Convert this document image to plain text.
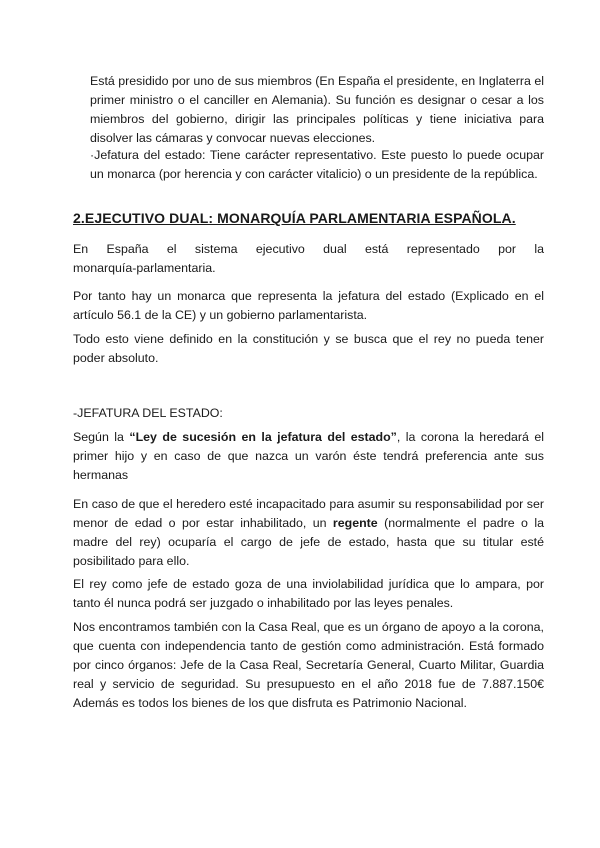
Está presidido por uno de sus miembros (En España el presidente, en Inglaterra el primer ministro o el canciller en Alemania). Su función es designar o cesar a los miembros del gobierno, dirigir las principales políticas y tiene iniciativa para disolver las cámaras y convocar nuevas elecciones.

·Jefatura del estado: Tiene carácter representativo. Este puesto lo puede ocupar un monarca (por herencia y con carácter vitalicio) o un presidente de la república.

2.EJECUTIVO DUAL: MONARQUÍA PARLAMENTARIA ESPAÑOLA.

En España el sistema ejecutivo dual está representado por la

monarquía-parlamentaria.

Por tanto hay un monarca que representa la jefatura del estado (Explicado en el artículo 56.1 de la CE) y un gobierno parlamentarista.

Todo esto viene definido en la constitución y se busca que el rey no pueda tener poder absoluto.

-JEFATURA DEL ESTADO:

Según la “Ley de sucesión en la jefatura del estado”, la corona la heredará el primer hijo y en caso de que nazca un varón éste tendrá preferencia ante sus hermanas

En caso de que el heredero esté incapacitado para asumir su responsabilidad por ser menor de edad o por estar inhabilitado, un regente (normalmente el padre o la madre del rey) ocuparía el cargo de jefe de estado, hasta que su titular esté posibilitado para ello.

El rey como jefe de estado goza de una inviolabilidad jurídica que lo ampara, por tanto él nunca podrá ser juzgado o inhabilitado por las leyes penales.

Nos encontramos también con la Casa Real, que es un órgano de apoyo a la corona, que cuenta con independencia tanto de gestión como administración. Está formado por cinco órganos: Jefe de la Casa Real, Secretaría General, Cuarto Militar, Guardia real y servicio de seguridad. Su presupuesto en el año 2018 fue de 7.887.150€ Además es todos los bienes de los que disfruta es Patrimonio Nacional.
